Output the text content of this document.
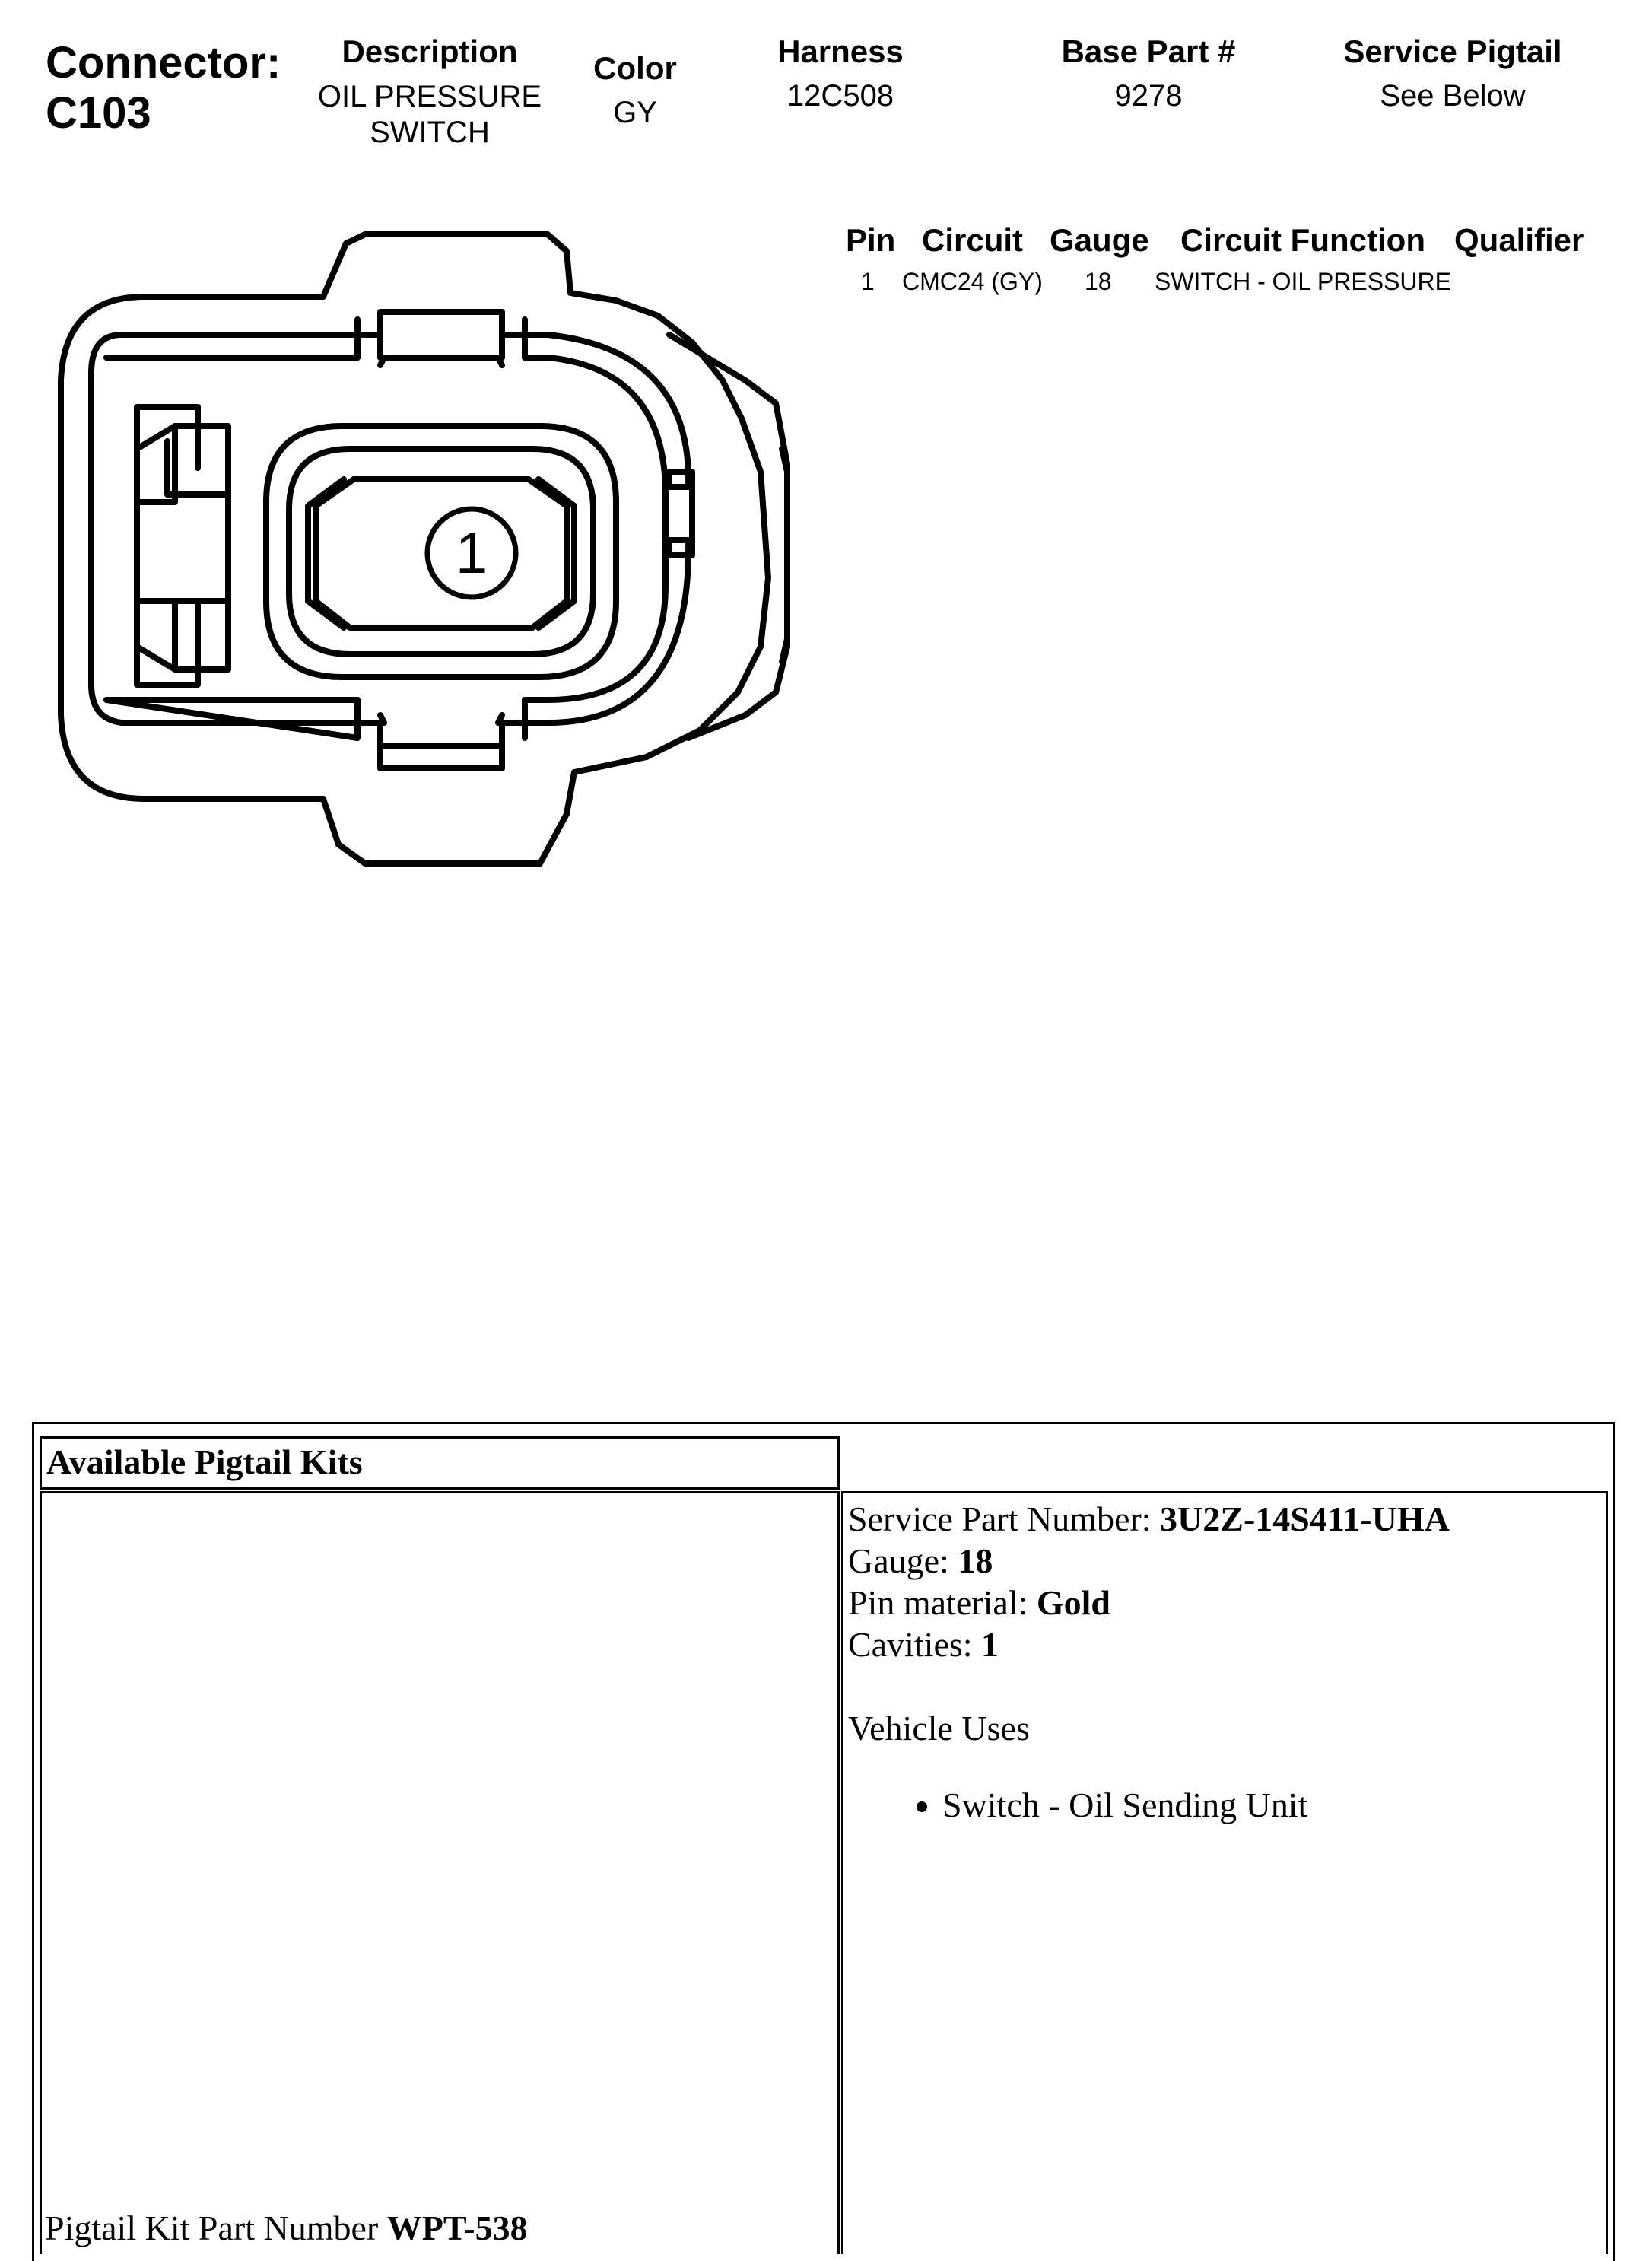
Connector:
C103
Description
OIL PRESSURE
SWITCH
Color
GY
Harness
12C508
Base Part #
9278
Service Pigtail
See Below
Pin Circuit Gauge Circuit Function Qualifier
1 CMC24 (GY) 18 SWITCH - OIL PRESSURE
1
Available Pigtail Kits
Pigtail Kit Part Number WPT-538
Service Part Number: 3U2Z-14S411-UHA
Gauge: 18
Pin material: Gold
Cavities: 1
Vehicle Uses
• Switch - Oil Sending Unit
